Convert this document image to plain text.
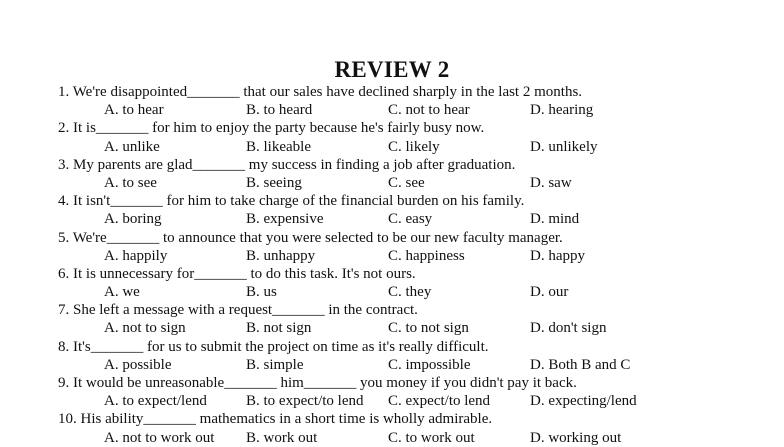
REVIEW 2
1. We're disappointed_______ that our sales have declined sharply in the last 2 months.
A. to hear	B. to heard	C. not to hear	D. hearing
2. It is_______ for him to enjoy the party because he's fairly busy now.
A. unlike	B. likeable	C. likely	D. unlikely
3. My parents are glad_______ my success in finding a job after graduation.
A. to see	B. seeing	C. see	D. saw
4. It isn't_______ for him to take charge of the financial burden on his family.
A. boring	B. expensive	C. easy	D. mind
5. We're_______ to announce that you were selected to be our new faculty manager.
A. happily	B. unhappy	C. happiness	D. happy
6. It is unnecessary for_______ to do this task. It's not ours.
A. we	B. us	C. they	D. our
7. She left a message with a request_______ in the contract.
A. not to sign	B. not sign	C. to not sign	D. don't sign
8. It's_______ for us to submit the project on time as it's really difficult.
A. possible	B. simple	C. impossible	D. Both B and C
9. It would be unreasonable_______ him_______ you money if you didn't pay it back.
A. to expect/lend	B. to expect/to lend C. expect/to lend	D. expecting/lend
10. His ability_______ mathematics in a short time is wholly admirable.
A. not to work out B. work out	C. to work out	D. working out
